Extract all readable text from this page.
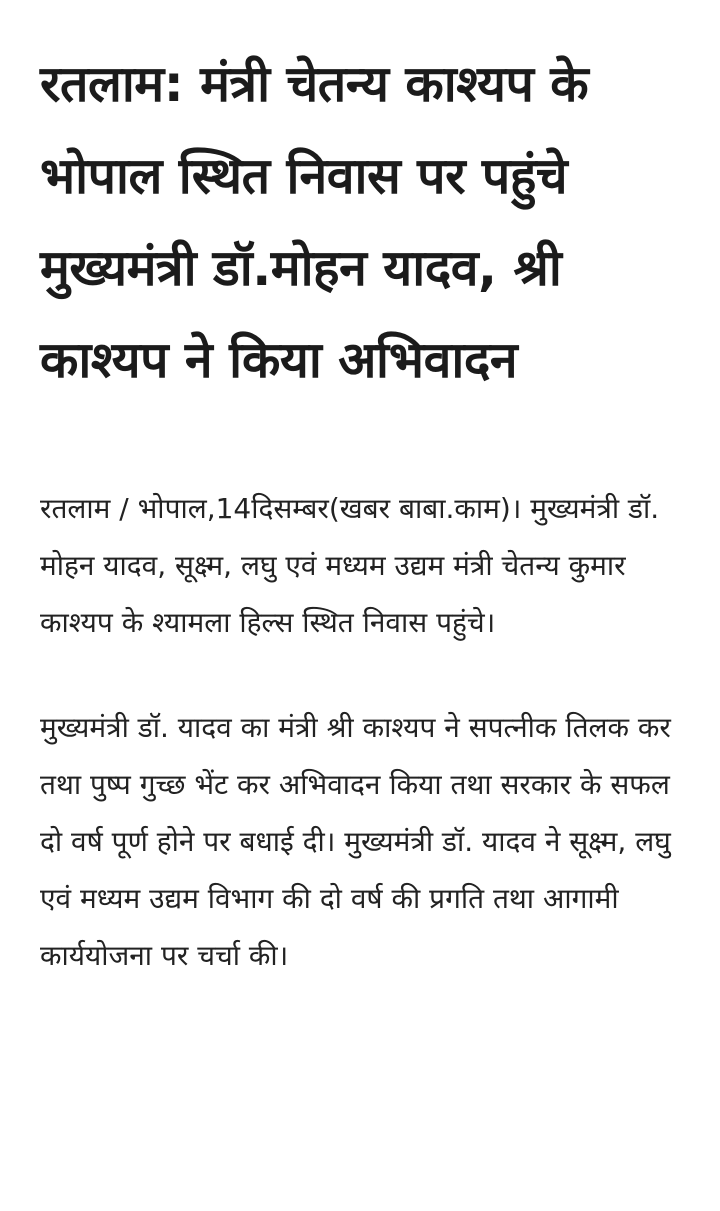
रतलाम: मंत्री चेतन्य काश्यप के भोपाल स्थित निवास पर पहुंचे मुख्यमंत्री डॉ.मोहन यादव, श्री काश्यप ने किया अभिवादन

रतलाम / भोपाल,14दिसम्बर(खबर बाबा.काम)। मुख्यमंत्री डॉ. मोहन यादव, सूक्ष्म, लघु एवं मध्यम उद्यम मंत्री चेतन्य कुमार काश्यप के श्यामला हिल्स स्थित निवास पहुंचे।

मुख्यमंत्री डॉ. यादव का मंत्री श्री काश्यप ने सपत्नीक तिलक कर तथा पुष्प गुच्छ भेंट कर अभिवादन किया तथा सरकार के सफल दो वर्ष पूर्ण होने पर बधाई दी। मुख्यमंत्री डॉ. यादव ने सूक्ष्म, लघु एवं मध्यम उद्यम विभाग की दो वर्ष की प्रगति तथा आगामी कार्ययोजना पर चर्चा की।
